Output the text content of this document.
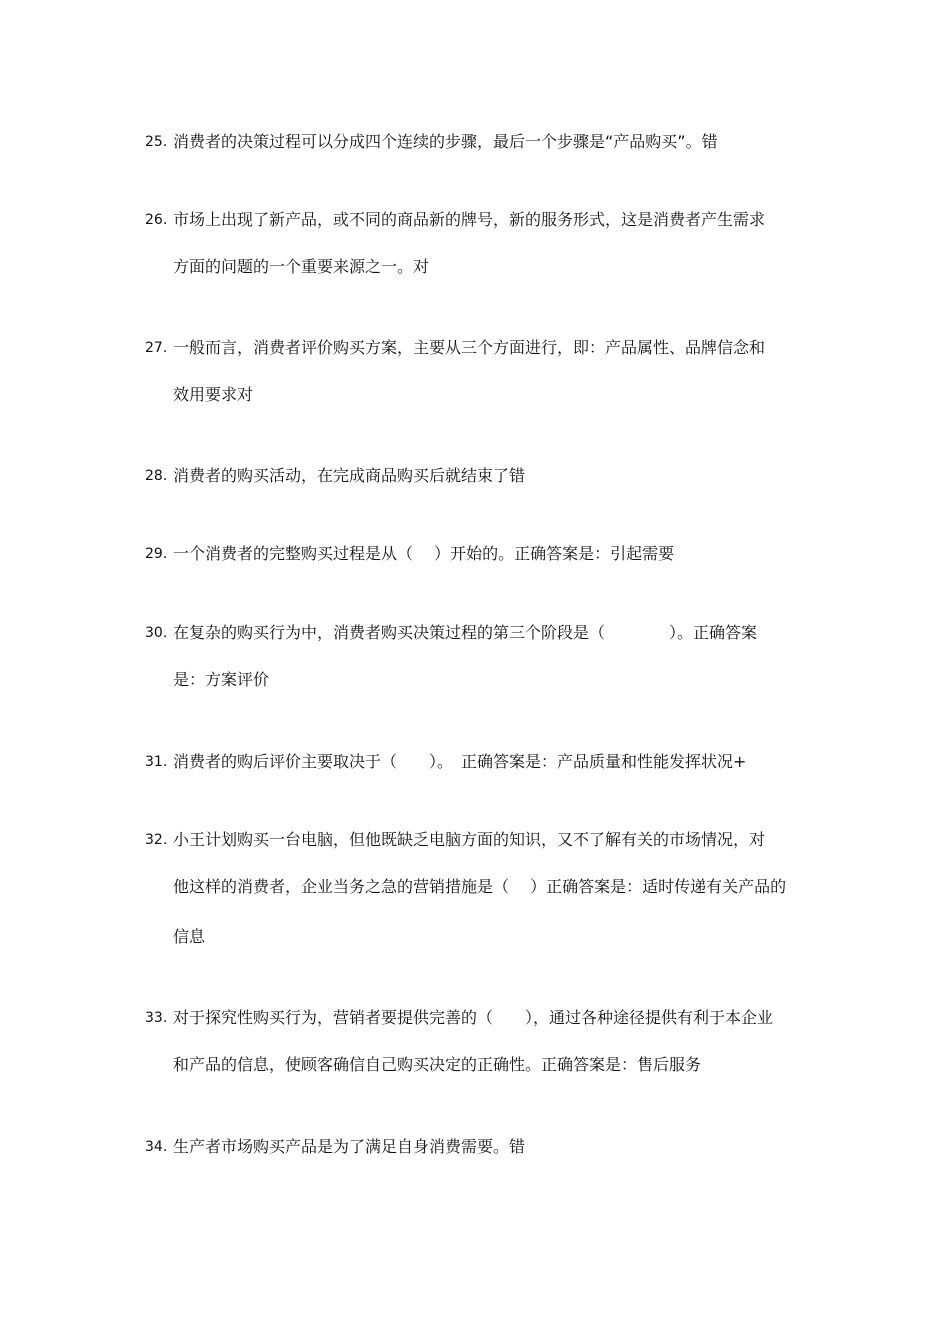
25. 消费者的决策过程可以分成四个连续的步骤，最后一个步骤是“产品购买”。错
26. 市场上出现了新产品，或不同的商品新的牌号，新的服务形式，这是消费者产生需求
方面的问题的一个重要来源之一。对
27. 一般而言，消费者评价购买方案，主要从三个方面进行，即：产品属性、品牌信念和
效用要求对
28. 消费者的购买活动，在完成商品购买后就结束了错
29. 一个消费者的完整购买过程是从（　 ）开始的。正确答案是：引起需要
30. 在复杂的购买行为中，消费者购买决策过程的第三个阶段是（　　　　）。正确答案
是：方案评价
31. 消费者的购后评价主要取决于（　　）。　正确答案是：产品质量和性能发挥状况+
32. 小王计划购买一台电脑，但他既缺乏电脑方面的知识，又不了解有关的市场情况，对
他这样的消费者，企业当务之急的营销措施是（　 ）正确答案是：适时传递有关产品的
信息
33. 对于探究性购买行为，营销者要提供完善的（　　），通过各种途径提供有利于本企业
和产品的信息，使顾客确信自己购买决定的正确性。正确答案是：售后服务
34. 生产者市场购买产品是为了满足自身消费需要。错
